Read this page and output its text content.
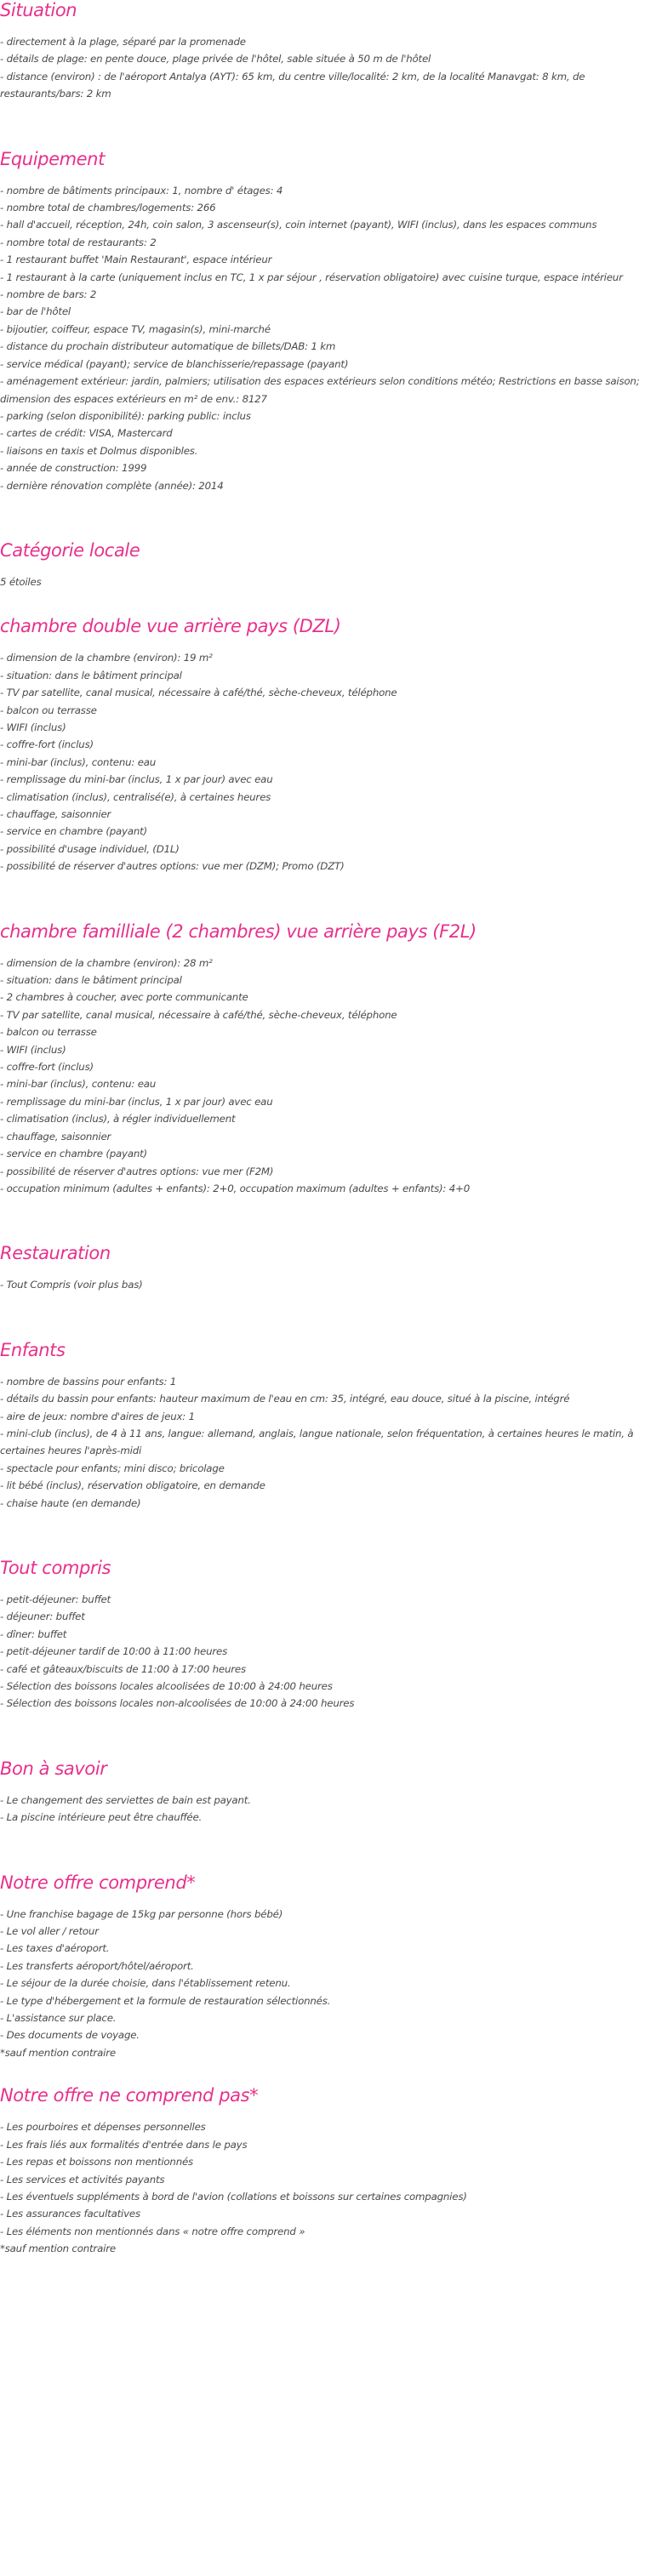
Situation
- directement à la plage, séparé par la promenade
- détails de plage: en pente douce, plage privée de l'hôtel, sable située à 50 m de l'hôtel
- distance (environ) : de l'aéroport Antalya (AYT): 65 km, du centre ville/localité: 2 km, de la localité Manavgat: 8 km, de restaurants/bars: 2 km
Equipement
- nombre de bâtiments principaux: 1, nombre d' étages: 4
- nombre total de chambres/logements: 266
- hall d'accueil, réception, 24h, coin salon, 3 ascenseur(s), coin internet (payant), WIFI (inclus), dans les espaces communs
- nombre total de restaurants: 2
- 1 restaurant buffet 'Main Restaurant', espace intérieur
- 1 restaurant à la carte (uniquement inclus en TC, 1 x par séjour , réservation obligatoire) avec cuisine turque, espace intérieur
- nombre de bars: 2
- bar de l'hôtel
- bijoutier, coiffeur, espace TV, magasin(s), mini-marché
- distance du prochain distributeur automatique de billets/DAB: 1 km
- service médical (payant); service de blanchisserie/repassage (payant)
- aménagement extérieur: jardin, palmiers; utilisation des espaces extérieurs selon conditions météo; Restrictions en basse saison; dimension des espaces extérieurs en m² de env.: 8127
- parking (selon disponibilité): parking public: inclus
- cartes de crédit: VISA, Mastercard
- liaisons en taxis et Dolmus disponibles.
- année de construction: 1999
- dernière rénovation complète (année): 2014
Catégorie locale
5 étoiles
chambre double vue arrière pays (DZL)
- dimension de la chambre (environ): 19 m²
- situation: dans le bâtiment principal
- TV par satellite, canal musical, nécessaire à café/thé, sèche-cheveux, téléphone
- balcon ou terrasse
- WIFI (inclus)
- coffre-fort (inclus)
- mini-bar (inclus), contenu: eau
- remplissage du mini-bar (inclus, 1 x par jour) avec eau
- climatisation (inclus), centralisé(e), à certaines heures
- chauffage, saisonnier
- service en chambre (payant)
- possibilité d'usage individuel, (D1L)
- possibilité de réserver d'autres options: vue mer (DZM); Promo (DZT)
chambre familliale (2 chambres) vue arrière pays (F2L)
- dimension de la chambre (environ): 28 m²
- situation: dans le bâtiment principal
- 2 chambres à coucher, avec porte communicante
- TV par satellite, canal musical, nécessaire à café/thé, sèche-cheveux, téléphone
- balcon ou terrasse
- WIFI (inclus)
- coffre-fort (inclus)
- mini-bar (inclus), contenu: eau
- remplissage du mini-bar (inclus, 1 x par jour) avec eau
- climatisation (inclus), à régler individuellement
- chauffage, saisonnier
- service en chambre (payant)
- possibilité de réserver d'autres options: vue mer (F2M)
- occupation minimum (adultes + enfants): 2+0, occupation maximum (adultes + enfants): 4+0
Restauration
- Tout Compris (voir plus bas)
Enfants
- nombre de bassins pour enfants: 1
- détails du bassin pour enfants: hauteur maximum de l'eau en cm: 35, intégré, eau douce, situé à la piscine, intégré
- aire de jeux: nombre d'aires de jeux: 1
- mini-club (inclus), de 4 à 11 ans, langue: allemand, anglais, langue nationale, selon fréquentation, à certaines heures le matin, à certaines heures l'après-midi
- spectacle pour enfants; mini disco; bricolage
- lit bébé (inclus), réservation obligatoire, en demande
- chaise haute (en demande)
Tout compris
- petit-déjeuner: buffet
- déjeuner: buffet
- dîner: buffet
- petit-déjeuner tardif de 10:00 à 11:00 heures
- café et gâteaux/biscuits de 11:00 à 17:00 heures
- Sélection des boissons locales alcoolisées de 10:00 à 24:00 heures
- Sélection des boissons locales non-alcoolisées de 10:00 à 24:00 heures
Bon à savoir
- Le changement des serviettes de bain est payant.
- La piscine intérieure peut être chauffée.
Notre offre comprend*
- Une franchise bagage de 15kg par personne (hors bébé)
- Le vol aller / retour
- Les taxes d'aéroport.
- Les transferts aéroport/hôtel/aéroport.
- Le séjour de la durée choisie, dans l'établissement retenu.
- Le type d'hébergement et la formule de restauration sélectionnés.
- L'assistance sur place.
- Des documents de voyage.
*sauf mention contraire
Notre offre ne comprend pas*
- Les pourboires et dépenses personnelles
- Les frais liés aux formalités d'entrée dans le pays
- Les repas et boissons non mentionnés
- Les services et activités payants
- Les éventuels suppléments à bord de l'avion (collations et boissons sur certaines compagnies)
- Les assurances facultatives
- Les éléments non mentionnés dans « notre offre comprend »
*sauf mention contraire
